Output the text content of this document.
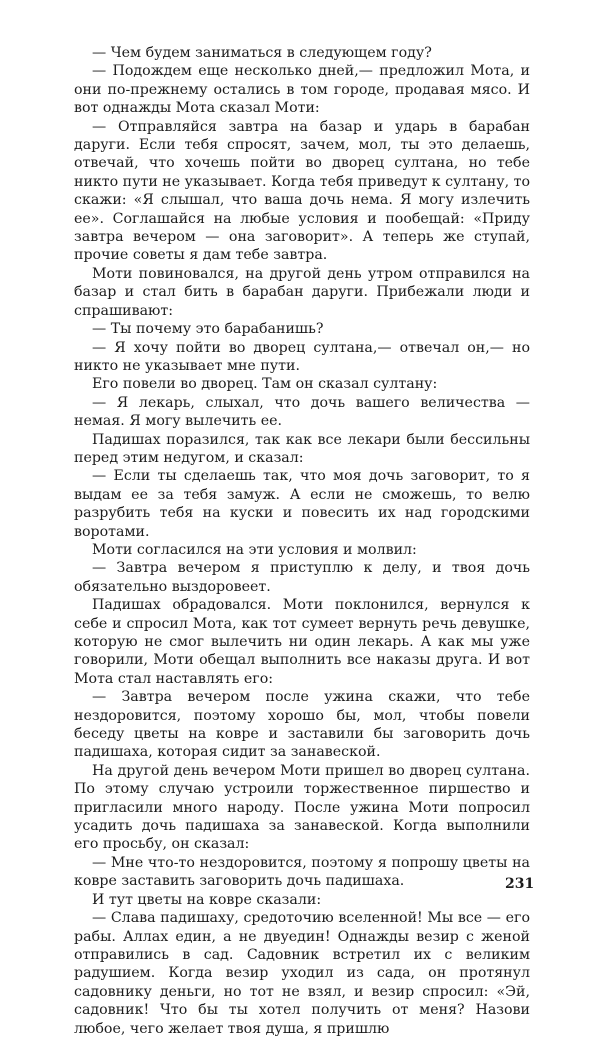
— Чем будем заниматься в следующем году?

— Подождем еще несколько дней,— предложил Мота, и они по-прежнему остались в том городе, продавая мясо. И вот однажды Мота сказал Моти:

— Отправляйся завтра на базар и ударь в барабан даруги. Если тебя спросят, зачем, мол, ты это делаешь, отвечай, что хочешь пойти во дворец султана, но тебе никто пути не указывает. Когда тебя приведут к султану, то скажи: «Я слышал, что ваша дочь нема. Я могу излечить ее». Соглашайся на любые условия и пообещай: «Приду завтра вечером — она заговорит». А теперь же ступай, прочие советы я дам тебе завтра.

Моти повиновался, на другой день утром отправился на базар и стал бить в барабан даруги. Прибежали люди и спрашивают:

— Ты почему это барабанишь?

— Я хочу пойти во дворец султана,— отвечал он,— но никто не указывает мне пути.

Его повели во дворец. Там он сказал султану:

— Я лекарь, слыхал, что дочь вашего величества — немая. Я могу вылечить ее.

Падишах поразился, так как все лекари были бессильны перед этим недугом, и сказал:

— Если ты сделаешь так, что моя дочь заговорит, то я выдам ее за тебя замуж. А если не сможешь, то велю разрубить тебя на куски и повесить их над городскими воротами.

Моти согласился на эти условия и молвил:

— Завтра вечером я приступлю к делу, и твоя дочь обязательно выздоровеет.

Падишах обрадовался. Моти поклонился, вернулся к себе и спросил Мота, как тот сумеет вернуть речь девушке, которую не смог вылечить ни один лекарь. А как мы уже говорили, Моти обещал выполнить все наказы друга. И вот Мота стал наставлять его:

— Завтра вечером после ужина скажи, что тебе нездоровится, поэтому хорошо бы, мол, чтобы повели беседу цветы на ковре и заставили бы заговорить дочь падишаха, которая сидит за занавеской.

На другой день вечером Моти пришел во дворец султана. По этому случаю устроили торжественное пиршество и пригласили много народу. После ужина Моти попросил усадить дочь падишаха за занавеской. Когда выполнили его просьбу, он сказал:

— Мне что-то нездоровится, поэтому я попрошу цветы на ковре заставить заговорить дочь падишаха.

И тут цветы на ковре сказали:

— Слава падишаху, средоточию вселенной! Мы все — его рабы. Аллах един, а не двуедин! Однажды везир с женой отправились в сад. Садовник встретил их с великим радушием. Когда везир уходил из сада, он протянул садовнику деньги, но тот не взял, и везир спросил: «Эй, садовник! Что бы ты хотел получить от меня? Назови любое, чего желает твоя душа, я пришлю

231
